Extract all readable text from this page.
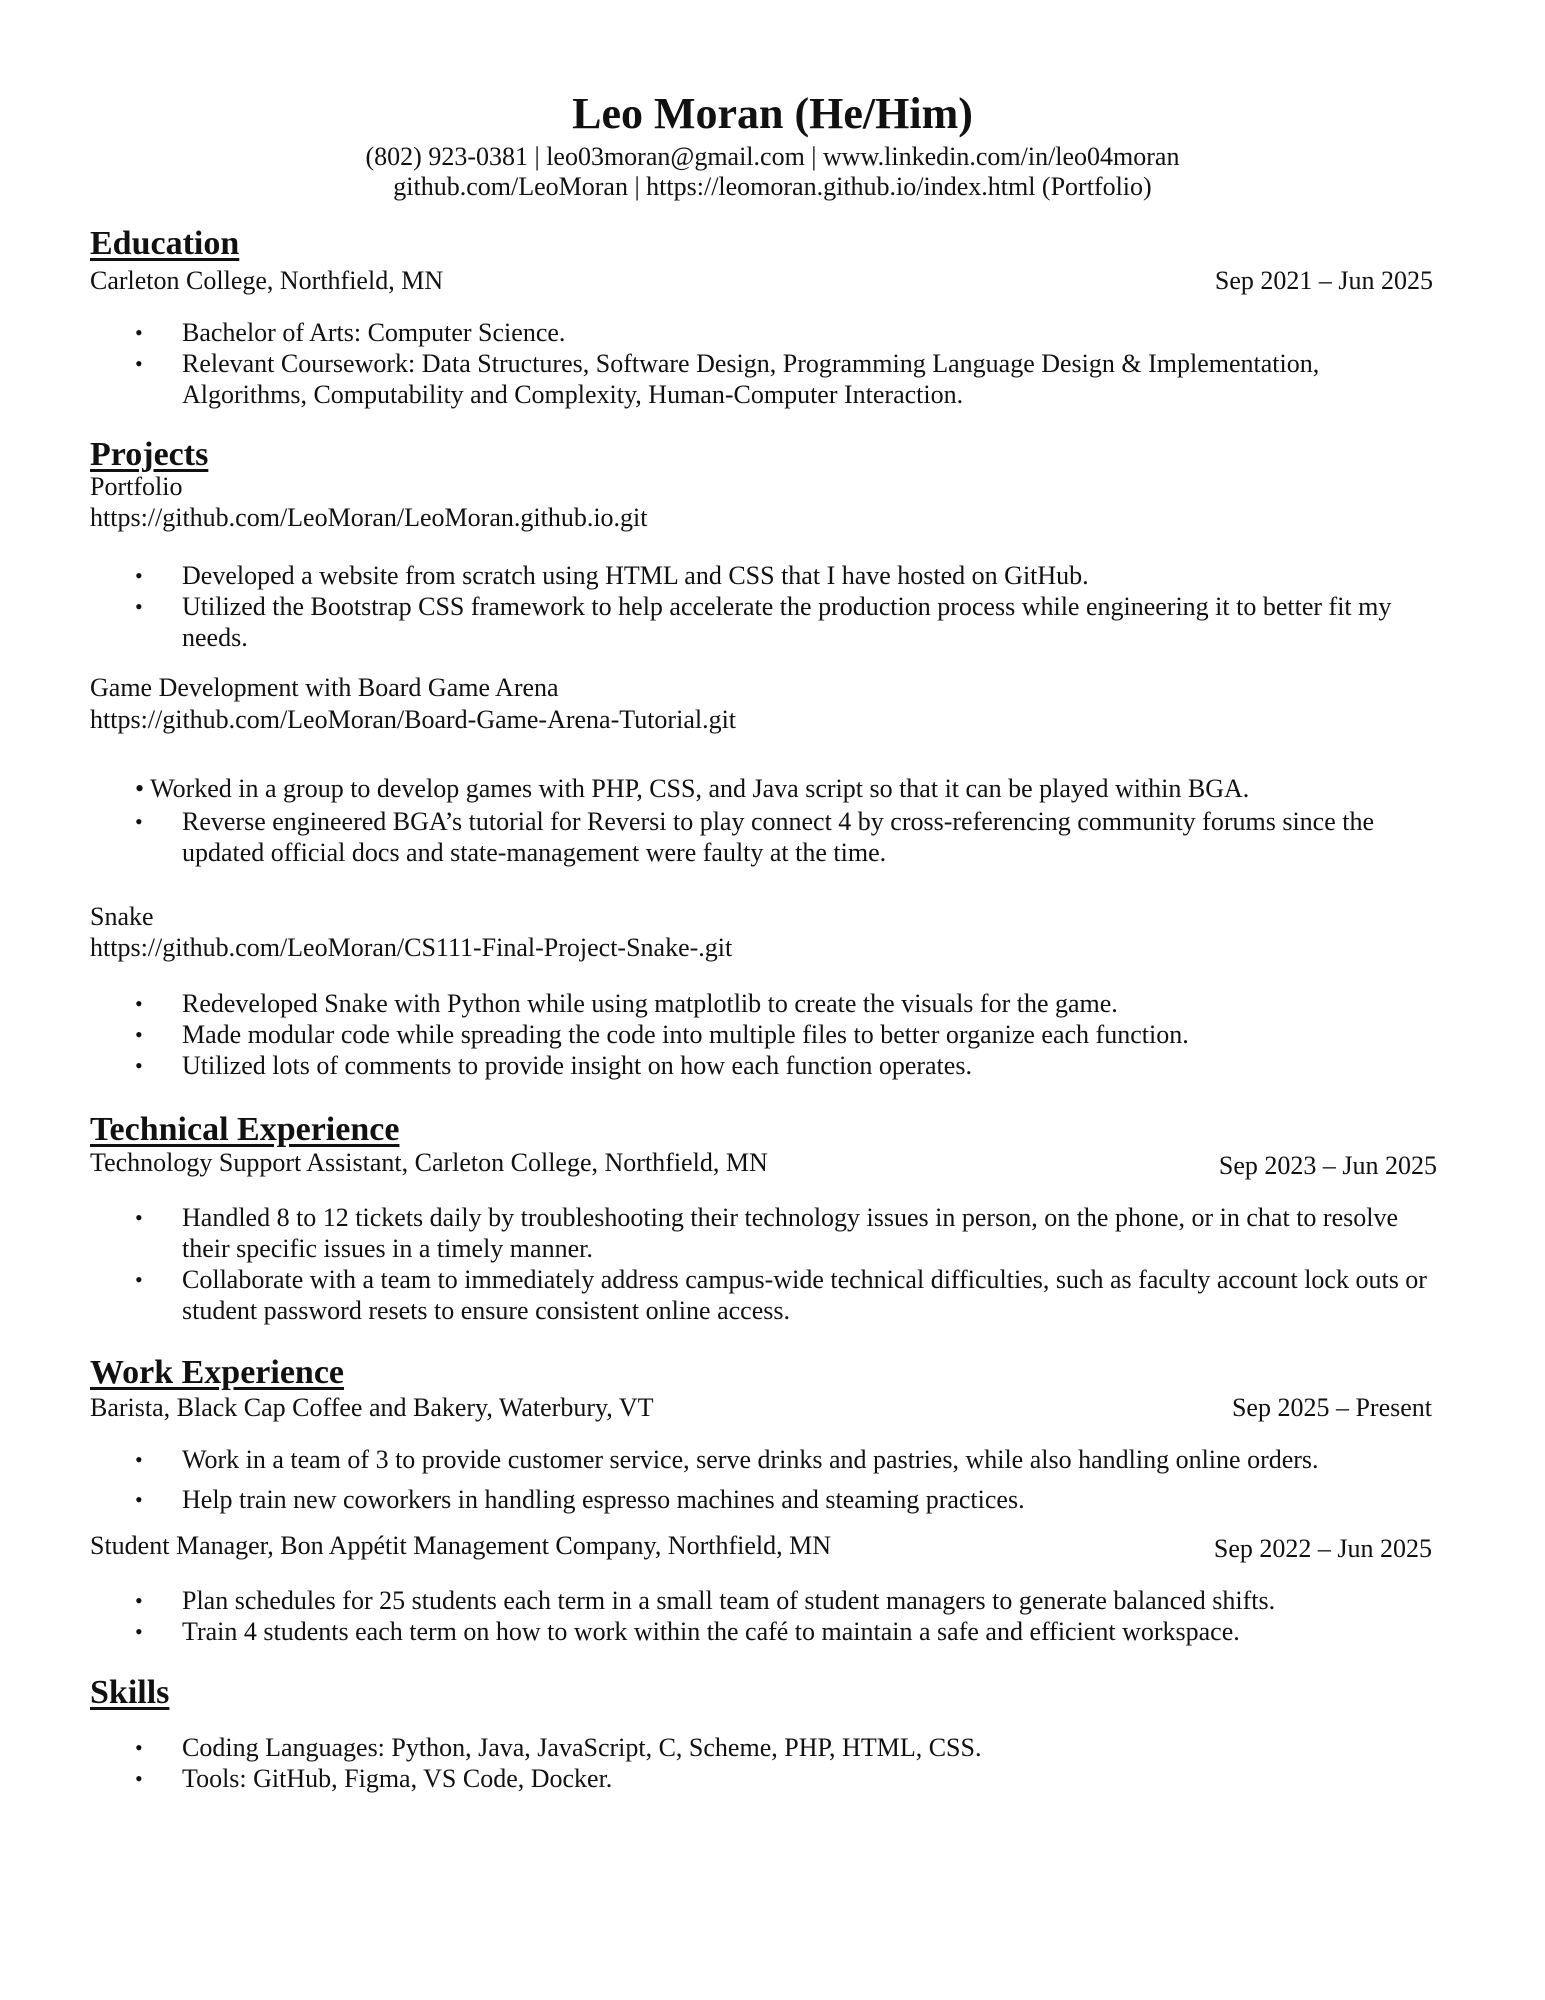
Leo Moran (He/Him)
(802) 923-0381 | leo03moran@gmail.com | www.linkedin.com/in/leo04moran
github.com/LeoMoran | https://leomoran.github.io/index.html (Portfolio)
Education
Carleton College, Northfield, MN	Sep 2021 – Jun 2025
• Bachelor of Arts: Computer Science.
• Relevant Coursework: Data Structures, Software Design, Programming Language Design & Implementation, Algorithms, Computability and Complexity, Human-Computer Interaction.
Projects
Portfolio
https://github.com/LeoMoran/LeoMoran.github.io.git
• Developed a website from scratch using HTML and CSS that I have hosted on GitHub.
• Utilized the Bootstrap CSS framework to help accelerate the production process while engineering it to better fit my needs.
Game Development with Board Game Arena
https://github.com/LeoMoran/Board-Game-Arena-Tutorial.git
• Worked in a group to develop games with PHP, CSS, and Java script so that it can be played within BGA.
• Reverse engineered BGA’s tutorial for Reversi to play connect 4 by cross-referencing community forums since the updated official docs and state-management were faulty at the time.
Snake
https://github.com/LeoMoran/CS111-Final-Project-Snake-.git
• Redeveloped Snake with Python while using matplotlib to create the visuals for the game.
• Made modular code while spreading the code into multiple files to better organize each function.
• Utilized lots of comments to provide insight on how each function operates.
Technical Experience
Technology Support Assistant, Carleton College, Northfield, MN	Sep 2023 – Jun 2025
• Handled 8 to 12 tickets daily by troubleshooting their technology issues in person, on the phone, or in chat to resolve their specific issues in a timely manner.
• Collaborate with a team to immediately address campus-wide technical difficulties, such as faculty account lock outs or student password resets to ensure consistent online access.
Work Experience
Barista, Black Cap Coffee and Bakery, Waterbury, VT	Sep 2025 – Present
• Work in a team of 3 to provide customer service, serve drinks and pastries, while also handling online orders.
• Help train new coworkers in handling espresso machines and steaming practices.
Student Manager, Bon Appétit Management Company, Northfield, MN	Sep 2022 – Jun 2025
• Plan schedules for 25 students each term in a small team of student managers to generate balanced shifts.
• Train 4 students each term on how to work within the café to maintain a safe and efficient workspace.
Skills
• Coding Languages: Python, Java, JavaScript, C, Scheme, PHP, HTML, CSS.
• Tools: GitHub, Figma, VS Code, Docker.
